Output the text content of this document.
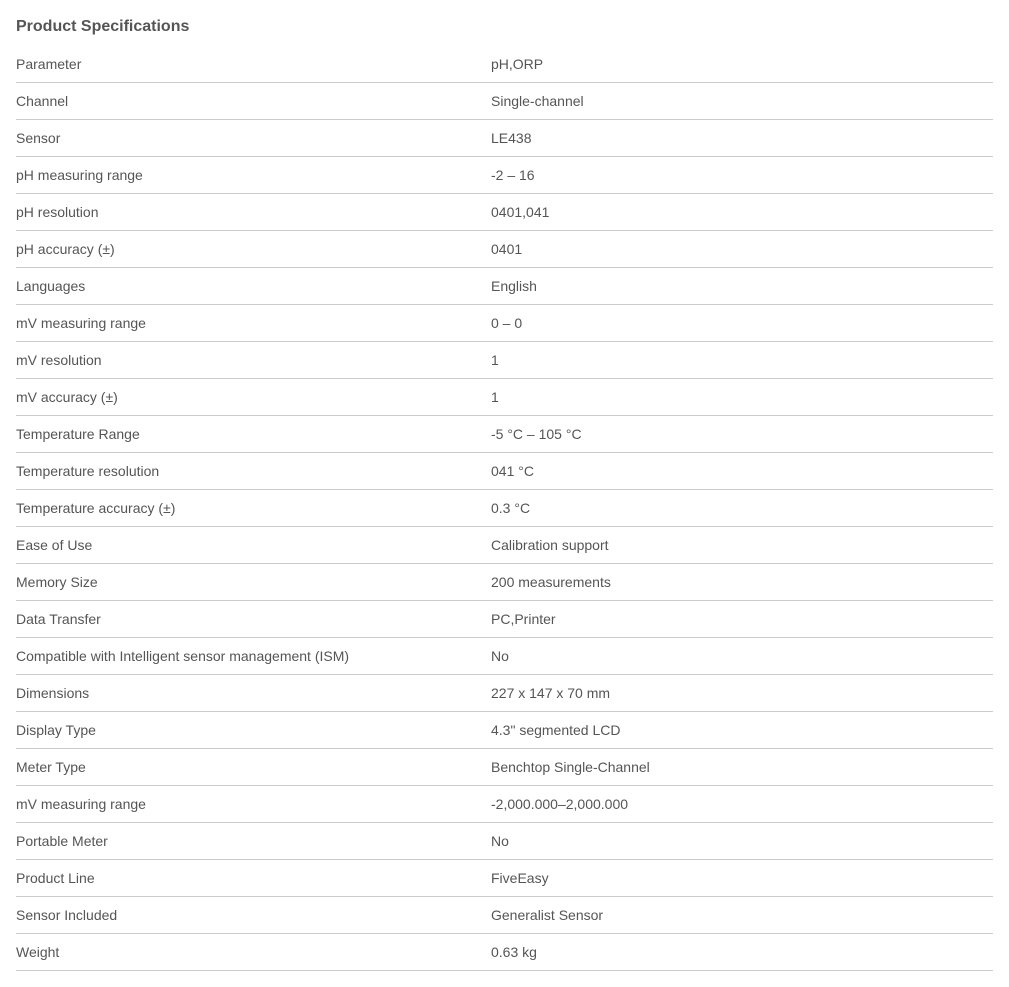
Product Specifications
Parameter	pH,ORP
Channel	Single-channel
Sensor	LE438
pH measuring range	-2 – 16
pH resolution	0401,041
pH accuracy (±)	0401
Languages	English
mV measuring range	0 – 0
mV resolution	1
mV accuracy (±)	1
Temperature Range	-5 °C – 105 °C
Temperature resolution	041 °C
Temperature accuracy (±)	0.3 °C
Ease of Use	Calibration support
Memory Size	200 measurements
Data Transfer	PC,Printer
Compatible with Intelligent sensor management (ISM)	No
Dimensions	227 x 147 x 70 mm
Display Type	4.3" segmented LCD
Meter Type	Benchtop Single-Channel
mV measuring range	-2,000.000–2,000.000
Portable Meter	No
Product Line	FiveEasy
Sensor Included	Generalist Sensor
Weight	0.63 kg
